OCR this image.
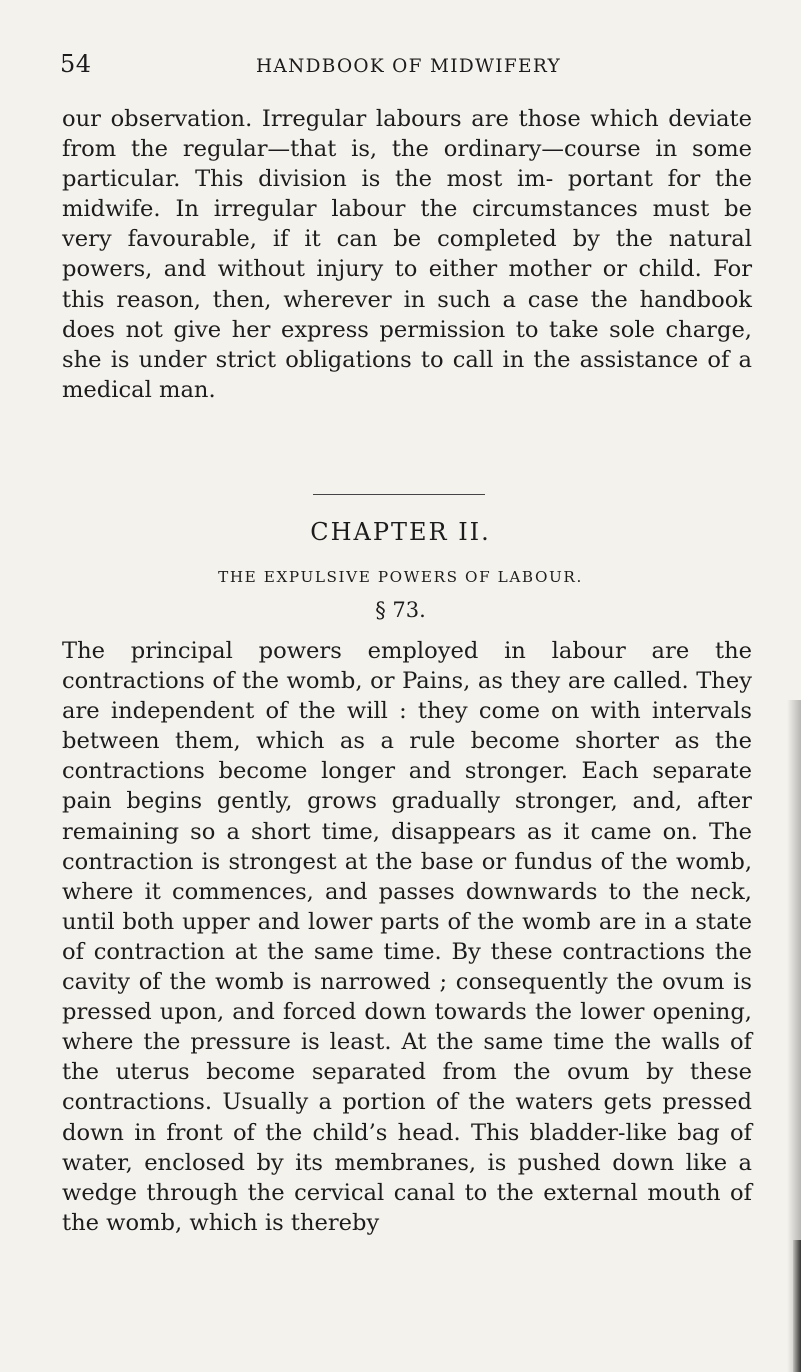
54	HANDBOOK OF MIDWIFERY

our observation. Irregular labours are those which deviate from the regular—that is, the ordinary—course in some particular. This division is the most im- portant for the midwife. In irregular labour the circumstances must be very favourable, if it can be completed by the natural powers, and without injury to either mother or child. For this reason, then, wherever in such a case the handbook does not give her express permission to take sole charge, she is under strict obligations to call in the assistance of a medical man.

CHAPTER II.
THE EXPULSIVE POWERS OF LABOUR.
§ 73.

The principal powers employed in labour are the contractions of the womb, or Pains, as they are called. They are independent of the will : they come on with intervals between them, which as a rule become shorter as the contractions become longer and stronger. Each separate pain begins gently, grows gradually stronger, and, after remaining so a short time, disappears as it came on. The contraction is strongest at the base or fundus of the womb, where it commences, and passes downwards to the neck, until both upper and lower parts of the womb are in a state of contraction at the same time. By these contractions the cavity of the womb is narrowed ; consequently the ovum is pressed upon, and forced down towards the lower opening, where the pressure is least. At the same time the walls of the uterus become separated from the ovum by these contractions. Usually a portion of the waters gets pressed down in front of the child’s head. This bladder-like bag of water, enclosed by its membranes, is pushed down like a wedge through the cervical canal to the external mouth of the womb, which is thereby
